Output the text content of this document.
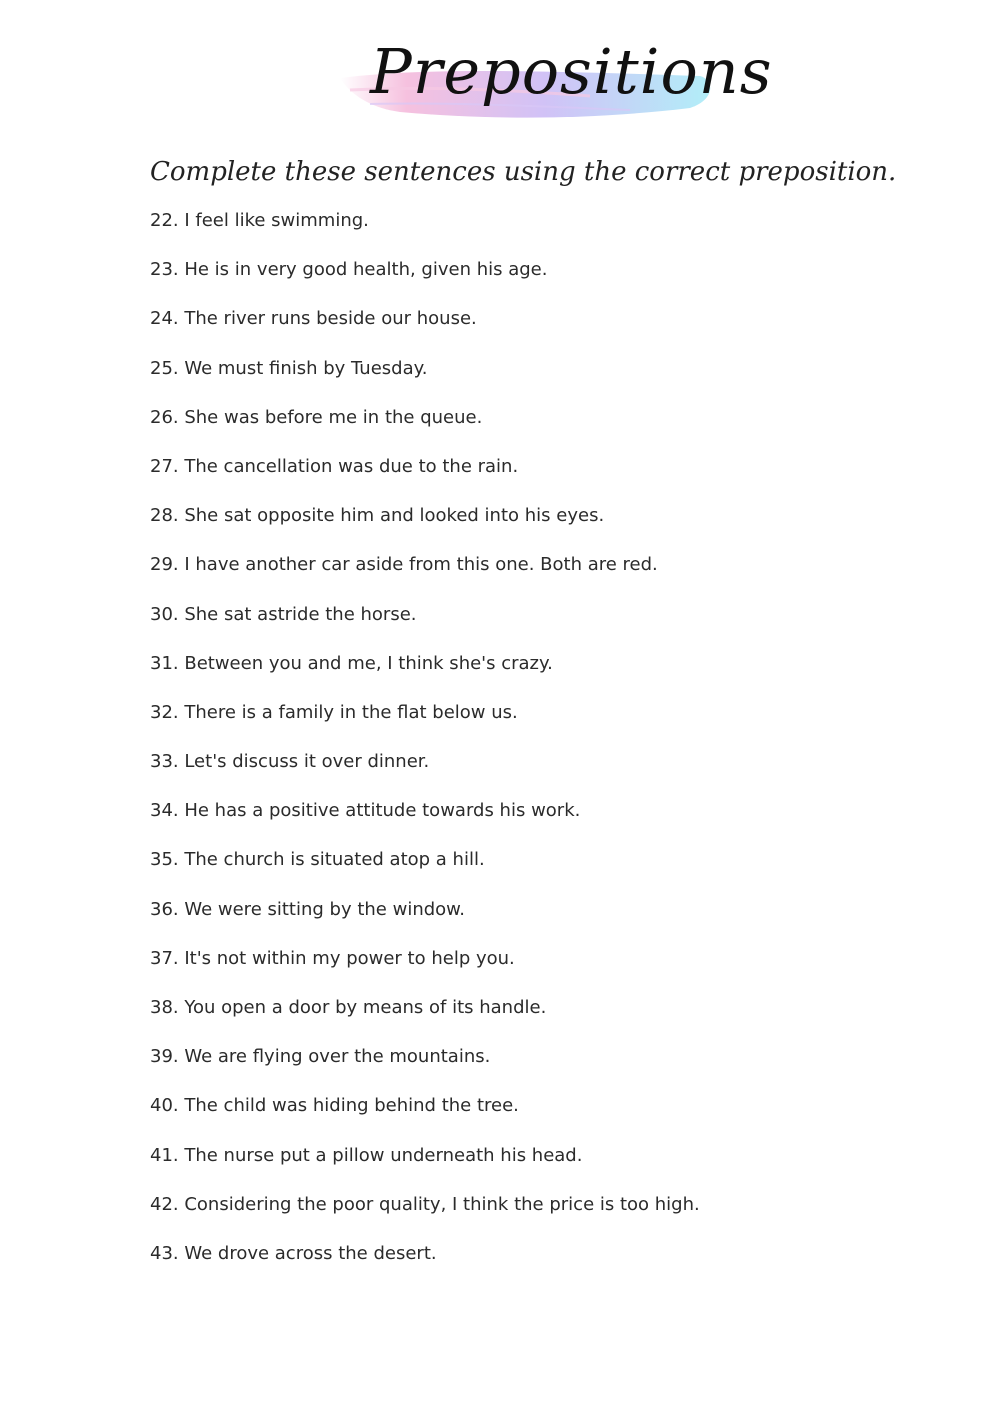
Prepositions
Complete these sentences using the correct preposition.
22. I feel like swimming.
23. He is in very good health, given his age.
24. The river runs beside our house.
25. We must finish by Tuesday.
26. She was before me in the queue.
27. The cancellation was due to the rain.
28. She sat opposite him and looked into his eyes.
29. I have another car aside from this one. Both are red.
30. She sat astride the horse.
31. Between you and me, I think she's crazy.
32. There is a family in the flat below us.
33. Let's discuss it over dinner.
34. He has a positive attitude towards his work.
35. The church is situated atop a hill.
36. We were sitting by the window.
37. It's not within my power to help you.
38. You open a door by means of its handle.
39. We are flying over the mountains.
40. The child was hiding behind the tree.
41. The nurse put a pillow underneath his head.
42. Considering the poor quality, I think the price is too high.
43. We drove across the desert.
